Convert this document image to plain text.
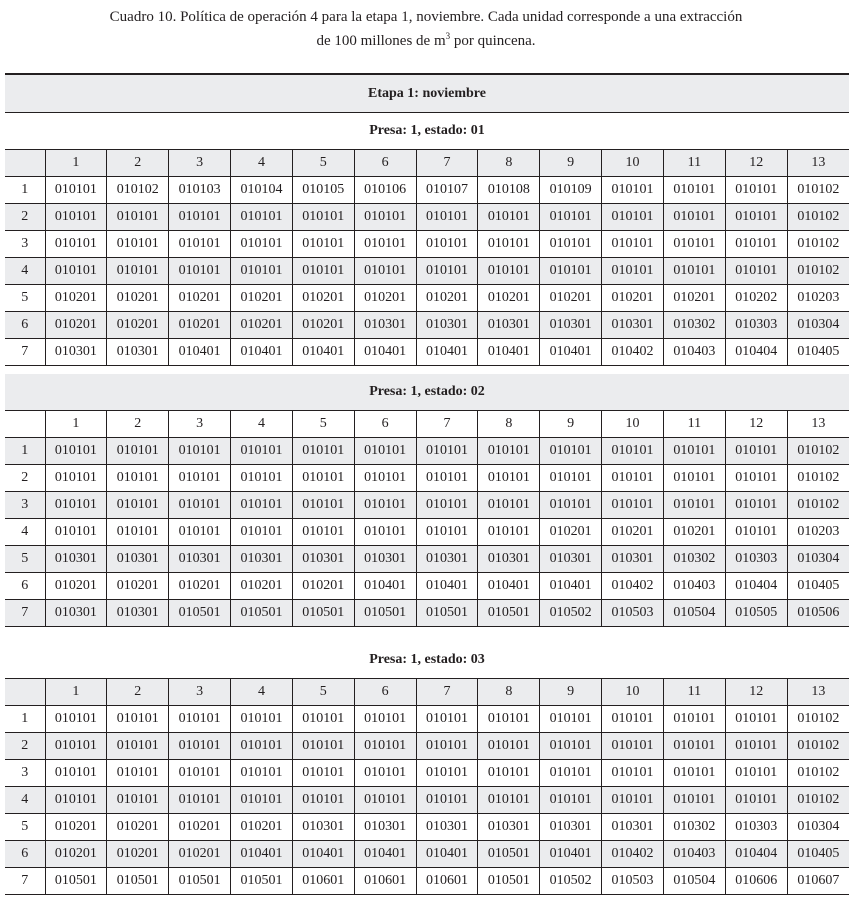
Cuadro 10. Política de operación 4 para la etapa 1, noviembre. Cada unidad corresponde a una extracción
de 100 millones de $m^3$ por quincena.
Etapa 1: noviembre													
Presa: 1, estado: 01													
	1	2	3	4	5	6	7	8	9	10	11	12	13
1	010101	010102	010103	010104	010105	010106	010107	010108	010109	010101	010101	010101	010102
2	010101	010101	010101	010101	010101	010101	010101	010101	010101	010101	010101	010101	010102
3	010101	010101	010101	010101	010101	010101	010101	010101	010101	010101	010101	010101	010102
4	010101	010101	010101	010101	010101	010101	010101	010101	010101	010101	010101	010101	010102
5	010201	010201	010201	010201	010201	010201	010201	010201	010201	010201	010201	010202	010203
6	010201	010201	010201	010201	010201	010301	010301	010301	010301	010301	010302	010303	010304
7	010301	010301	010401	010401	010401	010401	010401	010401	010401	010402	010403	010404	010405
Presa: 1, estado: 02													
	1	2	3	4	5	6	7	8	9	10	11	12	13
1	010101	010101	010101	010101	010101	010101	010101	010101	010101	010101	010101	010101	010102
2	010101	010101	010101	010101	010101	010101	010101	010101	010101	010101	010101	010101	010102
3	010101	010101	010101	010101	010101	010101	010101	010101	010101	010101	010101	010101	010102
4	010101	010101	010101	010101	010101	010101	010101	010101	010201	010201	010201	010101	010203
5	010301	010301	010301	010301	010301	010301	010301	010301	010301	010301	010302	010303	010304
6	010201	010201	010201	010201	010201	010401	010401	010401	010401	010402	010403	010404	010405
7	010301	010301	010501	010501	010501	010501	010501	010501	010502	010503	010504	010505	010506
Presa: 1, estado: 03													
	1	2	3	4	5	6	7	8	9	10	11	12	13
1	010101	010101	010101	010101	010101	010101	010101	010101	010101	010101	010101	010101	010102
2	010101	010101	010101	010101	010101	010101	010101	010101	010101	010101	010101	010101	010102
3	010101	010101	010101	010101	010101	010101	010101	010101	010101	010101	010101	010101	010102
4	010101	010101	010101	010101	010101	010101	010101	010101	010101	010101	010101	010101	010102
5	010201	010201	010201	010201	010301	010301	010301	010301	010301	010301	010302	010303	010304
6	010201	010201	010201	010401	010401	010401	010401	010501	010401	010402	010403	010404	010405
7	010501	010501	010501	010501	010601	010601	010601	010501	010502	010503	010504	010606	010607
